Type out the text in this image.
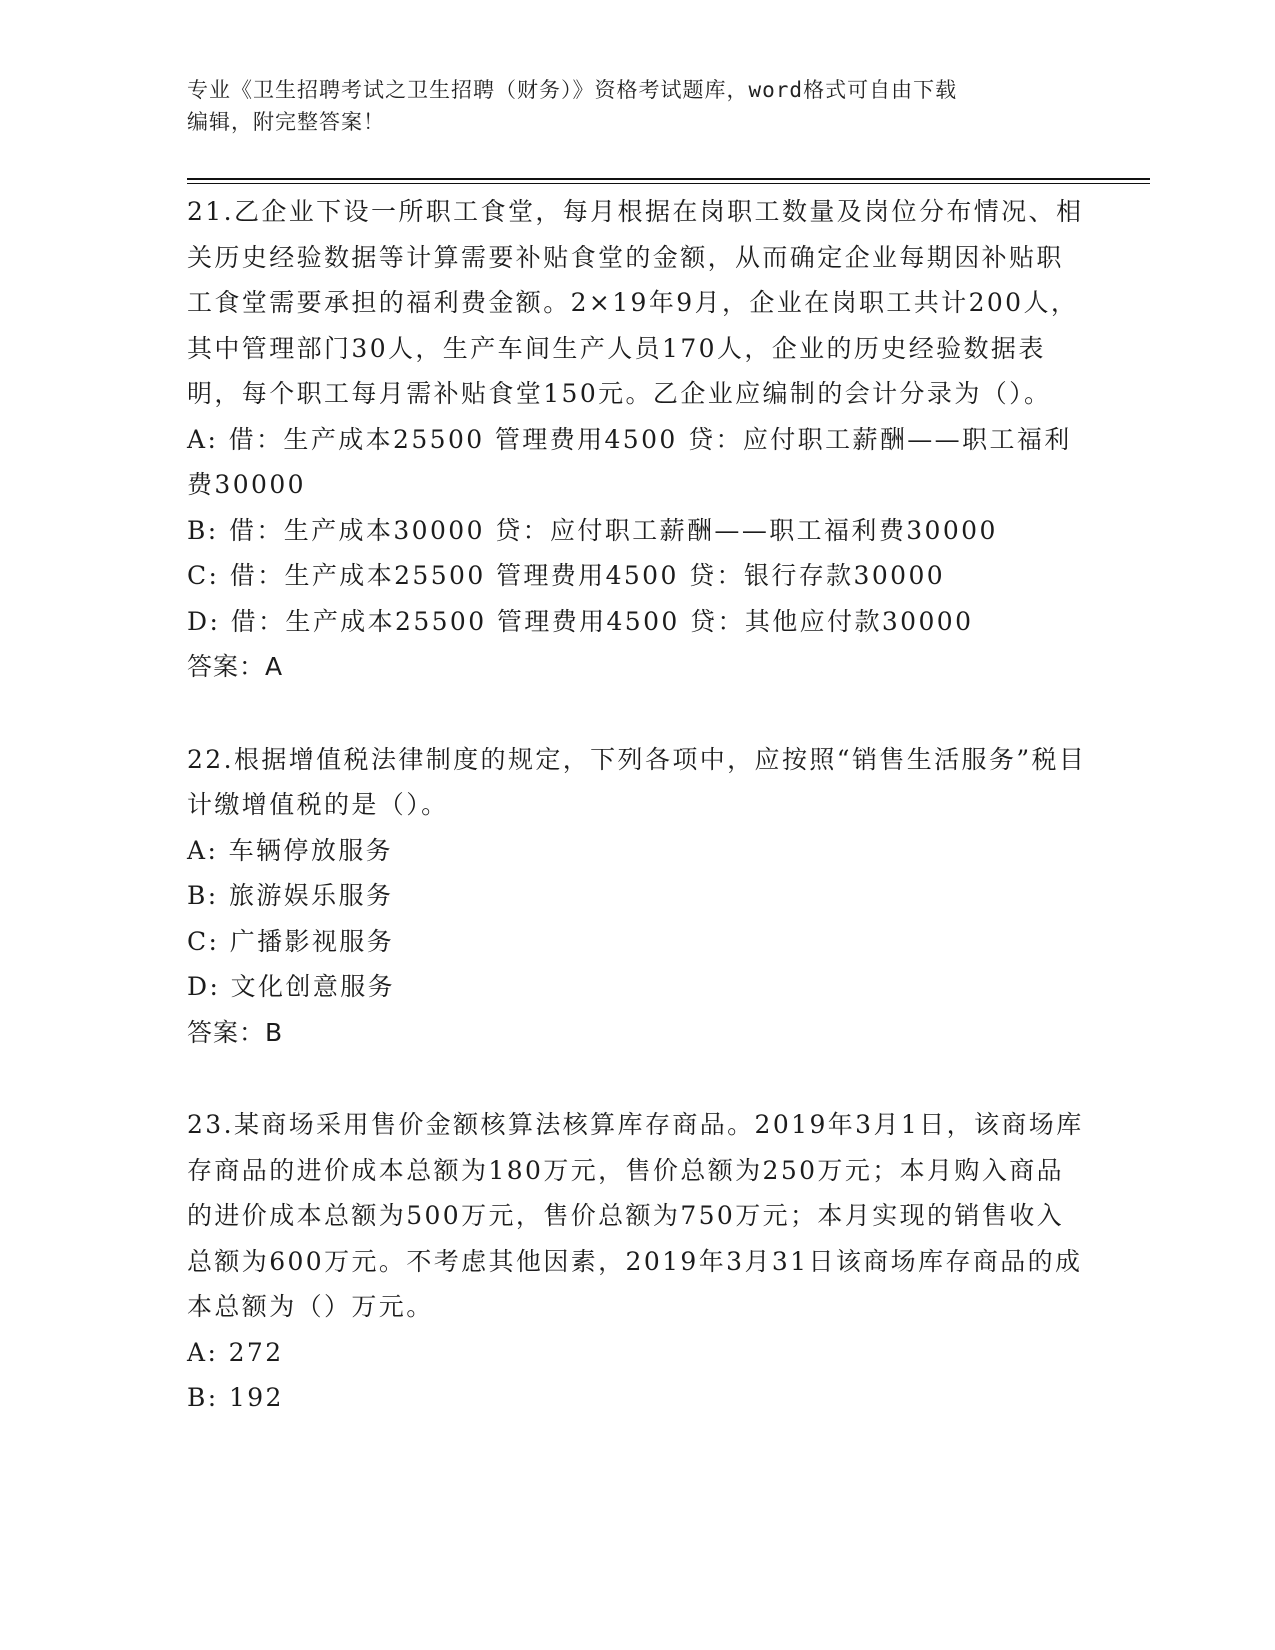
专业《卫生招聘考试之卫生招聘（财务）》资格考试题库，word格式可自由下载
编辑，附完整答案！

21.乙企业下设一所职工食堂，每月根据在岗职工数量及岗位分布情况、相关历史经验数据等计算需要补贴食堂的金额，从而确定企业每期因补贴职工食堂需要承担的福利费金额。2×19年9月，企业在岗职工共计200人，其中管理部门30人，生产车间生产人员170人，企业的历史经验数据表明，每个职工每月需补贴食堂150元。乙企业应编制的会计分录为（）。

A: 借：生产成本25500 管理费用4500 贷：应付职工薪酬——职工福利费30000
B: 借：生产成本30000 贷：应付职工薪酬——职工福利费30000
C: 借：生产成本25500 管理费用4500 贷：银行存款30000
D: 借：生产成本25500 管理费用4500 贷：其他应付款30000

答案：A

22.根据增值税法律制度的规定，下列各项中，应按照“销售生活服务”税目计缴增值税的是（）。

A: 车辆停放服务
B: 旅游娱乐服务
C: 广播影视服务
D: 文化创意服务

答案：B

23.某商场采用售价金额核算法核算库存商品。2019年3月1日，该商场库存商品的进价成本总额为180万元，售价总额为250万元；本月购入商品的进价成本总额为500万元，售价总额为750万元；本月实现的销售收入总额为600万元。不考虑其他因素，2019年3月31日该商场库存商品的成本总额为（）万元。

A: 272
B: 192
